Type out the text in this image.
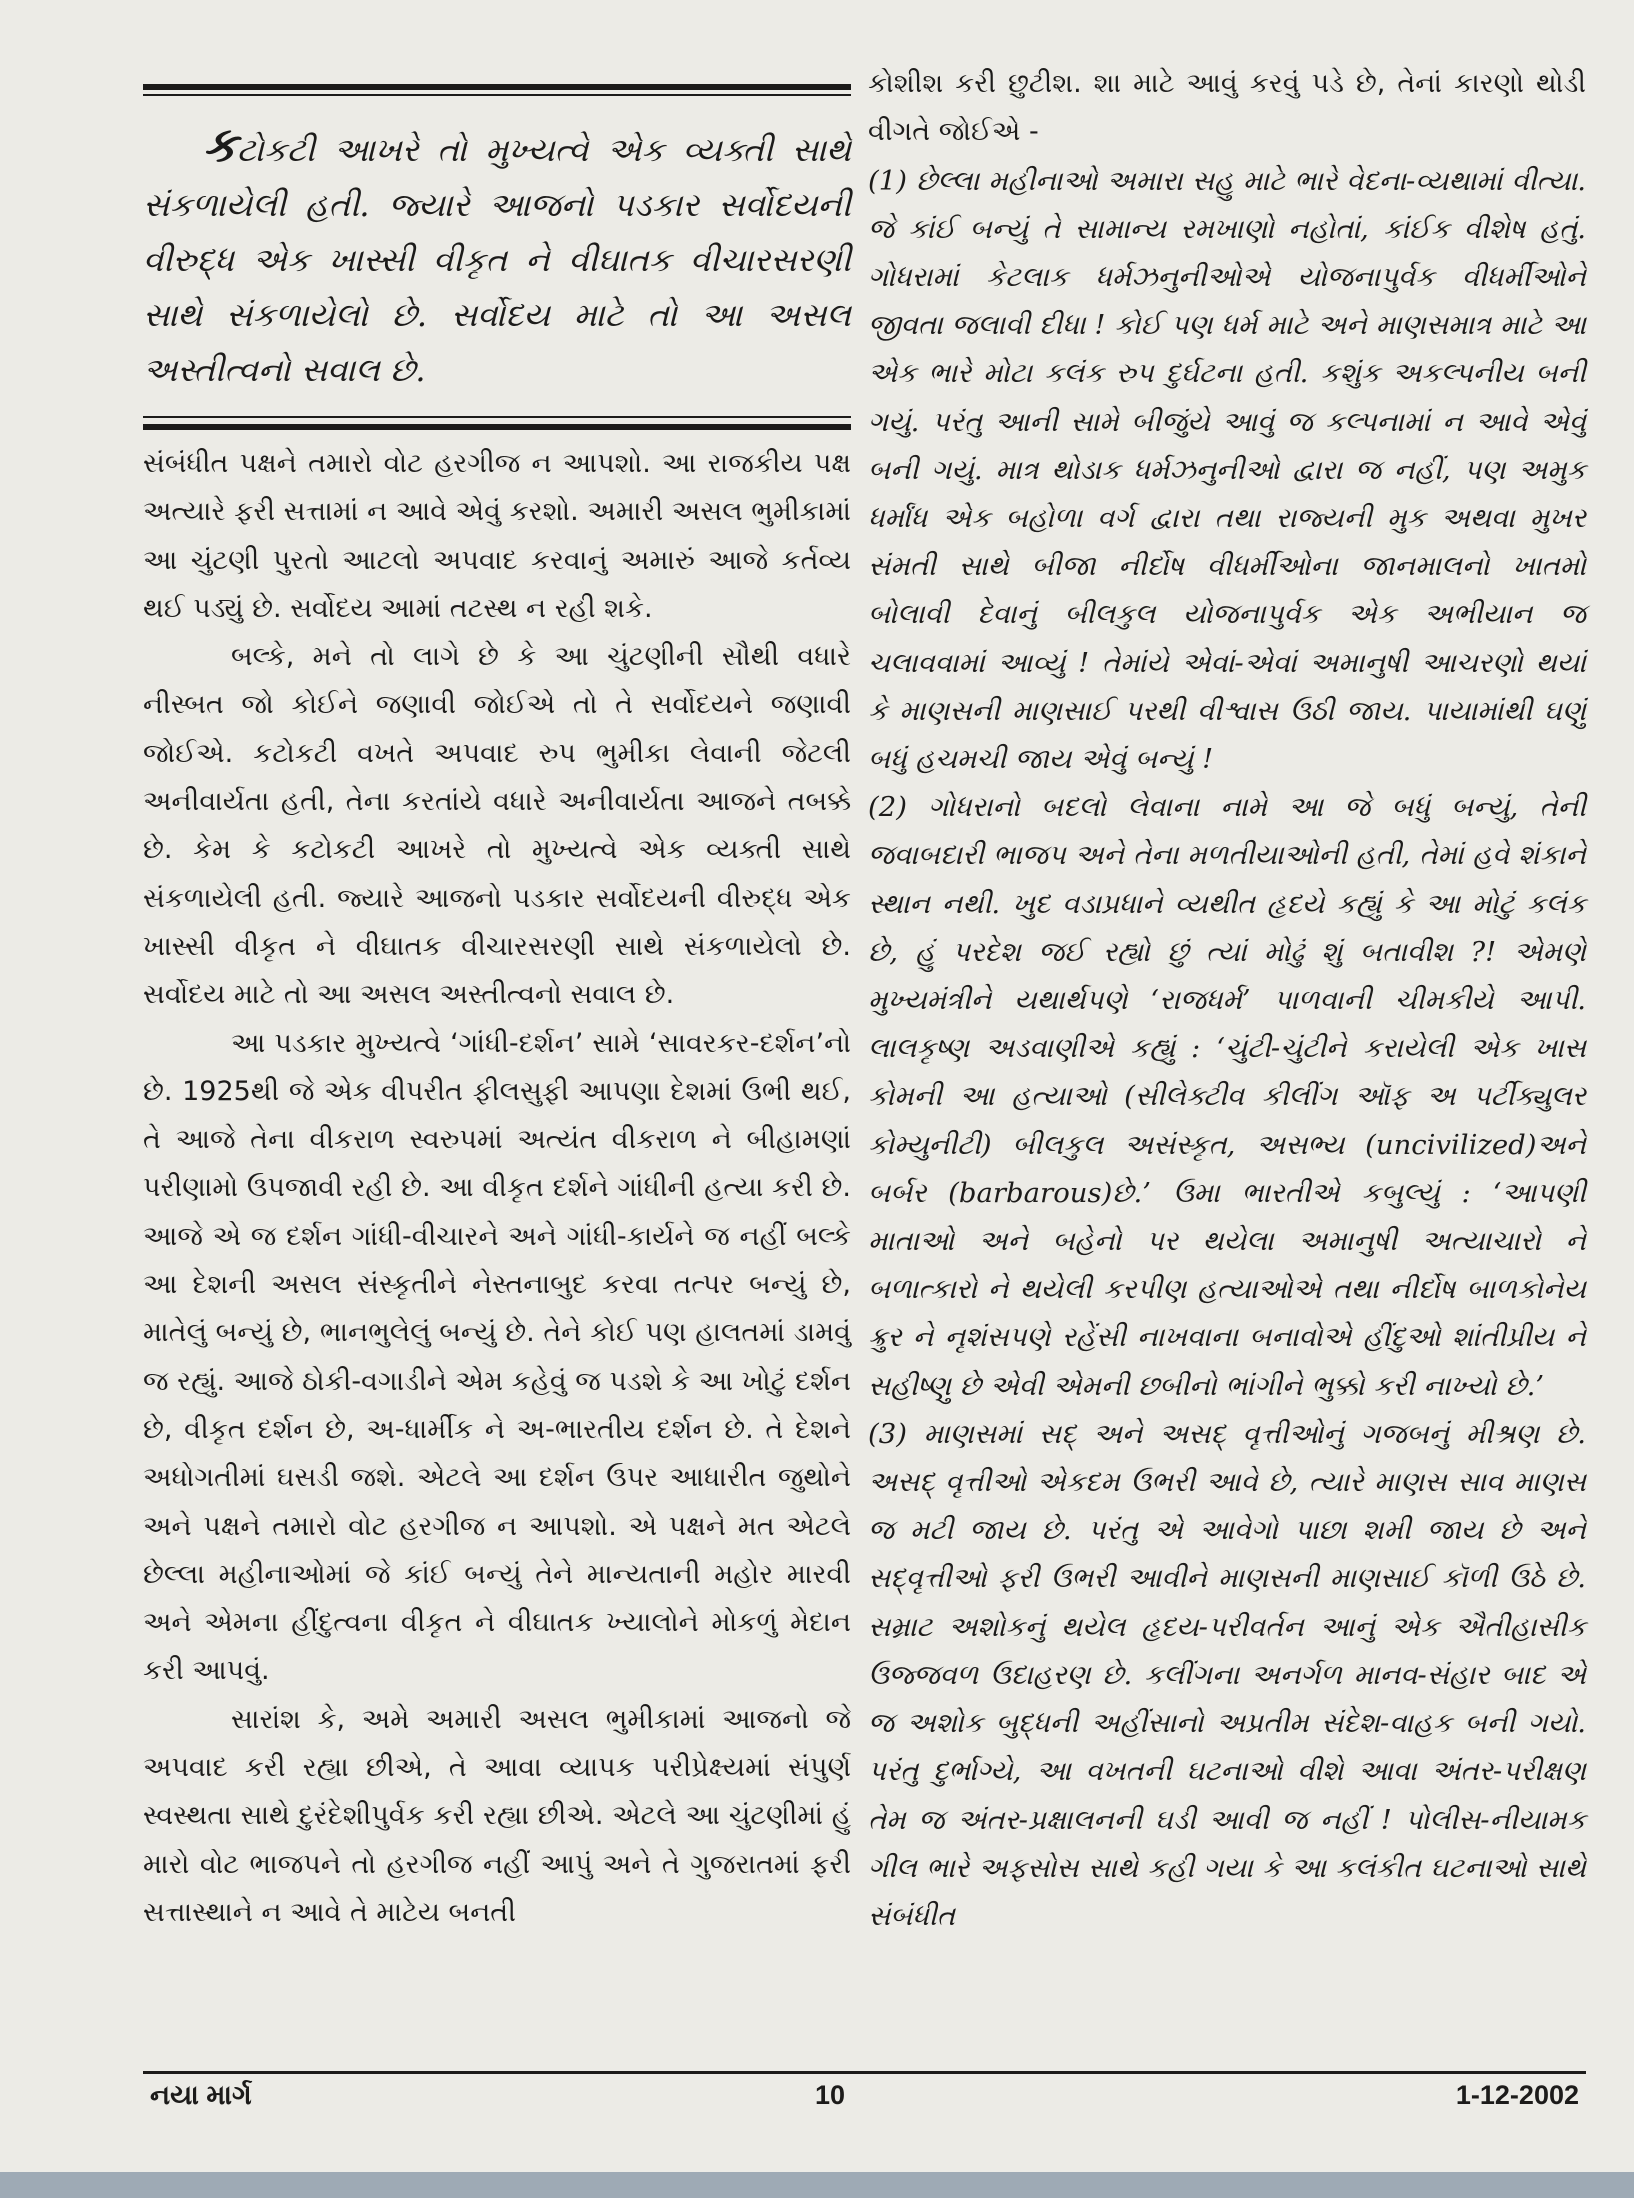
કટોકટી આખરે તો મુખ્યત્વે એક વ્યક્તી સાથે સંકળાયેલી હતી. જ્યારે આજનો પડકાર સર્વોદયની વીરુદ્ધ એક ખાસ્સી વીકૃત ને વીઘાતક વીચારસરણી સાથે સંકળાયેલો છે. સર્વોદય માટે તો આ અસલ અસ્તીત્વનો સવાલ છે.

સંબંધીત પક્ષને તમારો વોટ હરગીજ ન આપશો. આ રાજકીય પક્ષ અત્યારે ફરી સત્તામાં ન આવે એવું કરશો. અમારી અસલ ભુમીકામાં આ ચુંટણી પુરતો આટલો અપવાદ કરવાનું અમારું આજે કર્તવ્ય થઈ પડ્યું છે. સર્વોદય આમાં તટસ્થ ન રહી શકે.

બલ્કે, મને તો લાગે છે કે આ ચુંટણીની સૌથી વધારે નીસ્બત જો કોઈને જણાવી જોઈએ તો તે સર્વોદયને જણાવી જોઈએ. કટોકટી વખતે અપવાદ રુપ ભુમીકા લેવાની જેટલી અનીવાર્યતા હતી, તેના કરતાંયે વધારે અનીવાર્યતા આજને તબક્કે છે. કેમ કે કટોકટી આખરે તો મુખ્યત્વે એક વ્યક્તી સાથે સંકળાયેલી હતી. જ્યારે આજનો પડકાર સર્વોદયની વીરુદ્ધ એક ખાસ્સી વીકૃત ને વીઘાતક વીચારસરણી સાથે સંકળાયેલો છે. સર્વોદય માટે તો આ અસલ અસ્તીત્વનો સવાલ છે.

આ પડકાર મુખ્યત્વે ‘ગાંધી-દર્શન’ સામે ‘સાવરકર-દર્શન’નો છે. 1925થી જે એક વીપરીત ફીલસુફી આપણા દેશમાં ઉભી થઈ, તે આજે તેના વીકરાળ સ્વરુપમાં અત્યંત વીકરાળ ને બીહામણાં પરીણામો ઉપજાવી રહી છે. આ વીકૃત દર્શને ગાંધીની હત્યા કરી છે. આજે એ જ દર્શન ગાંધી-વીચારને અને ગાંધી-કાર્યને જ નહીં બલ્કે આ દેશની અસલ સંસ્કૃતીને નેસ્તનાબુદ કરવા તત્પર બન્યું છે, માતેલું બન્યું છે, ભાનભુલેલું બન્યું છે. તેને કોઈ પણ હાલતમાં ડામવું જ રહ્યું. આજે ઠોકી-વગાડીને એમ કહેવું જ પડશે કે આ ખોટું દર્શન છે, વીકૃત દર્શન છે, અ-ધાર્મીક ને અ-ભારતીય દર્શન છે. તે દેશને અધોગતીમાં ઘસડી જશે. એટલે આ દર્શન ઉપર આધારીત જુથોને અને પક્ષને તમારો વોટ હરગીજ ન આપશો. એ પક્ષને મત એટલે છેલ્લા મહીનાઓમાં જે કાંઈ બન્યું તેને માન્યતાની મહોર મારવી અને એમના હીંદુત્વના વીકૃત ને વીઘાતક ખ્યાલોને મોકળું મેદાન કરી આપવું.

સારાંશ કે, અમે અમારી અસલ ભુમીકામાં આજનો જે અપવાદ કરી રહ્યા છીએ, તે આવા વ્યાપક પરીપ્રેક્ષ્યમાં સંપુર્ણ સ્વસ્થતા સાથે દુરંદેશીપુર્વક કરી રહ્યા છીએ. એટલે આ ચુંટણીમાં હું મારો વોટ ભાજપને તો હરગીજ નહીં આપું અને તે ગુજરાતમાં ફરી સત્તાસ્થાને ન આવે તે માટેય બનતી

કોશીશ કરી છુટીશ. શા માટે આવું કરવું પડે છે, તેનાં કારણો થોડી વીગતે જોઈએ -

(1) છેલ્લા મહીનાઓ અમારા સહુ માટે ભારે વેદના-વ્યથામાં વીત્યા. જે કાંઈ બન્યું તે સામાન્ય રમખાણો નહોતાં, કાંઈક વીશેષ હતું. ગોધરામાં કેટલાક ધર્મઝનુનીઓએ યોજનાપુર્વક વીધર્મીઓને જીવતા જલાવી દીધા ! કોઈ પણ ધર્મ માટે અને માણસમાત્ર માટે આ એક ભારે મોટા કલંક રુપ દુર્ઘટના હતી. કશુંક અકલ્પનીય બની ગયું. પરંતુ આની સામે બીજુંયે આવું જ કલ્પનામાં ન આવે એવું બની ગયું. માત્ર થોડાક ધર્મઝનુનીઓ દ્વારા જ નહીં, પણ અમુક ધર્માંધ એક બહોળા વર્ગ દ્વારા તથા રાજ્યની મુક અથવા મુખર સંમતી સાથે બીજા નીર્દોષ વીધર્મીઓના જાનમાલનો ખાતમો બોલાવી દેવાનું બીલકુલ યોજનાપુર્વક એક અભીયાન જ ચલાવવામાં આવ્યું ! તેમાંયે એવાં-એવાં અમાનુષી આચરણો થયાં કે માણસની માણસાઈ પરથી વીશ્વાસ ઉઠી જાય. પાયામાંથી ઘણું બધું હચમચી જાય એવું બન્યું !

(2) ગોધરાનો બદલો લેવાના નામે આ જે બધું બન્યું, તેની જવાબદારી ભાજપ અને તેના મળતીયાઓની હતી, તેમાં હવે શંકાને સ્થાન નથી. ખુદ વડાપ્રધાને વ્યથીત હૃદયે કહ્યું કે આ મોટું કલંક છે, હું પરદેશ જઈ રહ્યો છું ત્યાં મોઢું શું બતાવીશ ?! એમણે મુખ્યમંત્રીને યથાર્થપણે ‘રાજધર્મ’ પાળવાની ચીમકીયે આપી. લાલકૃષ્ણ અડવાણીએ કહ્યું : ‘ચુંટી-ચુંટીને કરાયેલી એક ખાસ કોમની આ હત્યાઓ (સીલેક્ટીવ કીલીંગ ઑફ અ પર્ટીક્યુલર કોમ્યુનીટી) બીલકુલ અસંસ્કૃત, અસભ્ય (uncivilized)અને બર્બર (barbarous)છે.’ ઉમા ભારતીએ કબુલ્યું : ‘આપણી માતાઓ અને બહેનો પર થયેલા અમાનુષી અત્યાચારો ને બળાત્કારો ને થયેલી કરપીણ હત્યાઓએ તથા નીર્દોષ બાળકોનેય ક્રુર ને નૃશંસપણે રહેંસી નાખવાના બનાવોએ હીંદુઓ શાંતીપ્રીય ને સહીષ્ણુ છે એવી એમની છબીનો ભાંગીને ભુક્કો કરી નાખ્યો છે.’

(3) માણસમાં સદ્ અને અસદ્ વૃત્તીઓનું ગજબનું મીશ્રણ છે. અસદ્ વૃત્તીઓ એકદમ ઉભરી આવે છે, ત્યારે માણસ સાવ માણસ જ મટી જાય છે. પરંતુ એ આવેગો પાછા શમી જાય છે અને સદ્‌વૃત્તીઓ ફરી ઉભરી આવીને માણસની માણસાઈ કૉળી ઉઠે છે. સમ્રાટ અશોકનું થયેલ હૃદય-પરીવર્તન આનું એક ઐતીહાસીક ઉજ્જવળ ઉદાહરણ છે. કલીંગના અનર્ગળ માનવ-સંહાર બાદ એ જ અશોક બુદ્ધની અહીંસાનો અપ્રતીમ સંદેશ-વાહક બની ગયો. પરંતુ દુર્ભાગ્યે, આ વખતની ઘટનાઓ વીશે આવા અંતર-પરીક્ષણ તેમ જ અંતર-પ્રક્ષાલનની ઘડી આવી જ નહીં ! પોલીસ-નીયામક ગીલ ભારે અફસોસ સાથે કહી ગયા કે આ કલંકીત ઘટનાઓ સાથે સંબંધીત

નયા માર્ગ	10	1-12-2002
